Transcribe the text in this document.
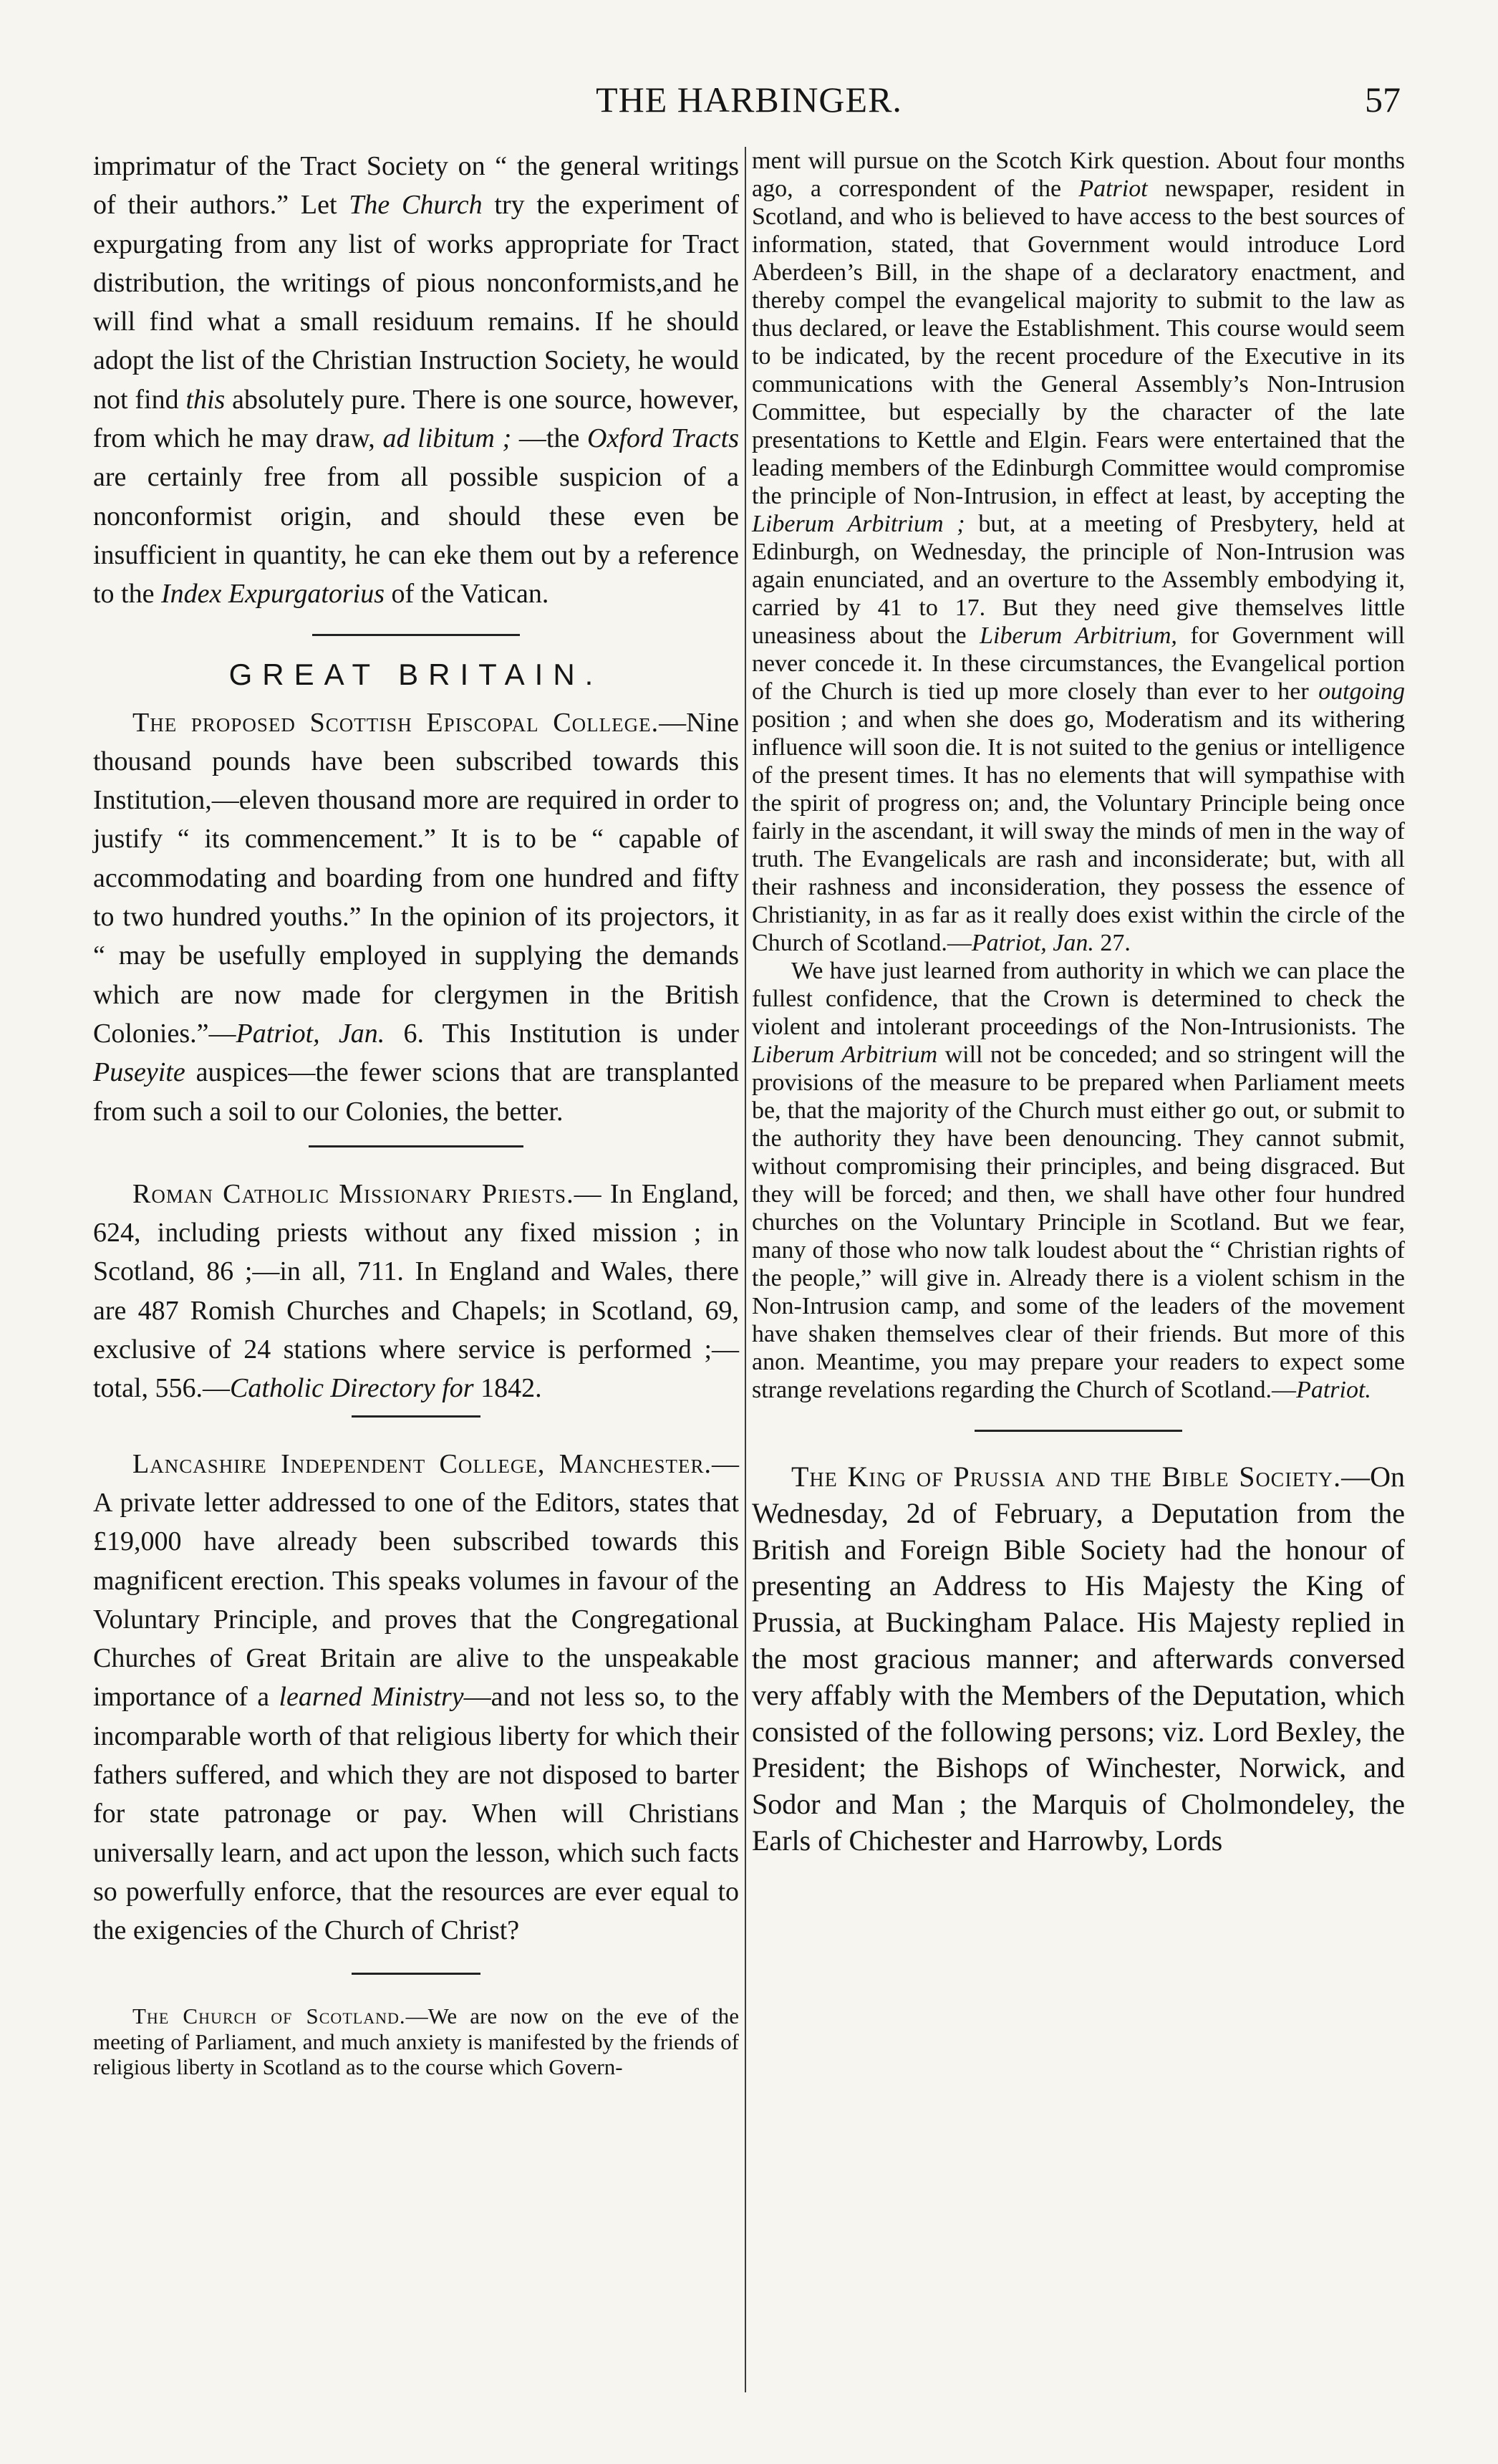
THE HARBINGER.	57

imprimatur of the Tract Society on “ the general writings of their authors.” Let The Church try the experiment of expurgating from any list of works appropriate for Tract distribution, the writings of pious nonconformists,and he will find what a small residuum remains. If he should adopt the list of the Christian Instruction Society, he would not find this absolutely pure. There is one source, however, from which he may draw, ad libitum ; —the Oxford Tracts are certainly free from all possible suspicion of a nonconformist origin, and should these even be insufficient in quantity, he can eke them out by a reference to the Index Expurgatorius of the Vatican.

GREAT BRITAIN.

The proposed Scottish Episcopal College.—Nine thousand pounds have been subscribed towards this Institution,—eleven thousand more are required in order to justify “ its commencement.” It is to be “ capable of accommodating and boarding from one hundred and fifty to two hundred youths.” In the opinion of its projectors, it “ may be usefully employed in supplying the demands which are now made for clergymen in the British Colonies.”—Patriot, Jan. 6. This Institution is under Puseyite auspices—the fewer scions that are transplanted from such a soil to our Colonies, the better.

Roman Catholic Missionary Priests.— In England, 624, including priests without any fixed mission ; in Scotland, 86 ;—in all, 711. In England and Wales, there are 487 Romish Churches and Chapels; in Scotland, 69, exclusive of 24 stations where service is performed ;—total, 556.—Catholic Directory for 1842.

Lancashire Independent College, Manchester.—A private letter addressed to one of the Editors, states that £19,000 have already been subscribed towards this magnificent erection. This speaks volumes in favour of the Voluntary Principle, and proves that the Congregational Churches of Great Britain are alive to the unspeakable importance of a learned Ministry—and not less so, to the incomparable worth of that religious liberty for which their fathers suffered, and which they are not disposed to barter for state patronage or pay. When will Christians universally learn, and act upon the lesson, which such facts so powerfully enforce, that the resources are ever equal to the exigencies of the Church of Christ?

The Church of Scotland.—We are now on the eve of the meeting of Parliament, and much anxiety is manifested by the friends of religious liberty in Scotland as to the course which Govern-

ment will pursue on the Scotch Kirk question. About four months ago, a correspondent of the Patriot newspaper, resident in Scotland, and who is believed to have access to the best sources of information, stated, that Government would introduce Lord Aberdeen’s Bill, in the shape of a declaratory enactment, and thereby compel the evangelical majority to submit to the law as thus declared, or leave the Establishment. This course would seem to be indicated, by the recent procedure of the Executive in its communications with the General Assembly’s Non-Intrusion Committee, but especially by the character of the late presentations to Kettle and Elgin. Fears were entertained that the leading members of the Edinburgh Committee would compromise the principle of Non-Intrusion, in effect at least, by accepting the Liberum Arbitrium ; but, at a meeting of Presbytery, held at Edinburgh, on Wednesday, the principle of Non-Intrusion was again enunciated, and an overture to the Assembly embodying it, carried by 41 to 17. But they need give themselves little uneasiness about the Liberum Arbitrium, for Government will never concede it. In these circumstances, the Evangelical portion of the Church is tied up more closely than ever to her outgoing position ; and when she does go, Moderatism and its withering influence will soon die. It is not suited to the genius or intelligence of the present times. It has no elements that will sympathise with the spirit of progress on; and, the Voluntary Principle being once fairly in the ascendant, it will sway the minds of men in the way of truth. The Evangelicals are rash and inconsiderate; but, with all their rashness and inconsideration, they possess the essence of Christianity, in as far as it really does exist within the circle of the Church of Scotland.—Patriot, Jan. 27.

We have just learned from authority in which we can place the fullest confidence, that the Crown is determined to check the violent and intolerant proceedings of the Non-Intrusionists. The Liberum Arbitrium will not be conceded; and so stringent will the provisions of the measure to be prepared when Parliament meets be, that the majority of the Church must either go out, or submit to the authority they have been denouncing. They cannot submit, without compromising their principles, and being disgraced. But they will be forced; and then, we shall have other four hundred churches on the Voluntary Principle in Scotland. But we fear, many of those who now talk loudest about the “ Christian rights of the people,” will give in. Already there is a violent schism in the Non-Intrusion camp, and some of the leaders of the movement have shaken themselves clear of their friends. But more of this anon. Meantime, you may prepare your readers to expect some strange revelations regarding the Church of Scotland.—Patriot.

The King of Prussia and the Bible Society.—On Wednesday, 2d of February, a Deputation from the British and Foreign Bible Society had the honour of presenting an Address to His Majesty the King of Prussia, at Buckingham Palace. His Majesty replied in the most gracious manner; and afterwards conversed very affably with the Members of the Deputation, which consisted of the following persons; viz. Lord Bexley, the President; the Bishops of Winchester, Norwick, and Sodor and Man ; the Marquis of Cholmondeley, the Earls of Chichester and Harrowby, Lords
